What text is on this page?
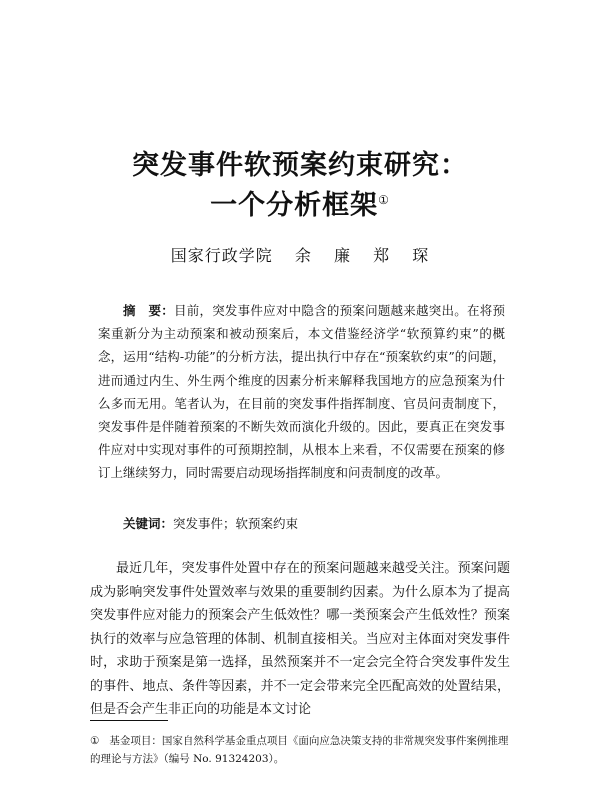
突发事件软预案约束研究：
一个分析框架①
国家行政学院 余 廉 郑 琛
摘　要：目前，突发事件应对中隐含的预案问题越来越突出。在将预案重新分为主动预案和被动预案后，本文借鉴经济学“软预算约束”的概念，运用“结构-功能”的分析方法，提出执行中存在“预案软约束”的问题，进而通过内生、外生两个维度的因素分析来解释我国地方的应急预案为什么多而无用。笔者认为，在目前的突发事件指挥制度、官员问责制度下，突发事件是伴随着预案的不断失效而演化升级的。因此，要真正在突发事件应对中实现对事件的可预期控制，从根本上来看，不仅需要在预案的修订上继续努力，同时需要启动现场指挥制度和问责制度的改革。
关键词：突发事件；软预案约束
最近几年，突发事件处置中存在的预案问题越来越受关注。预案问题成为影响突发事件处置效率与效果的重要制约因素。为什么原本为了提高突发事件应对能力的预案会产生低效性？哪一类预案会产生低效性？预案执行的效率与应急管理的体制、机制直接相关。当应对主体面对突发事件时，求助于预案是第一选择，虽然预案并不一定会完全符合突发事件发生的事件、地点、条件等因素，并不一定会带来完全匹配高效的处置结果，但是否会产生非正向的功能是本文讨论
① 基金项目：国家自然科学基金重点项目《面向应急决策支持的非常规突发事件案例推理的理论与方法》（编号 No. 91324203）。
